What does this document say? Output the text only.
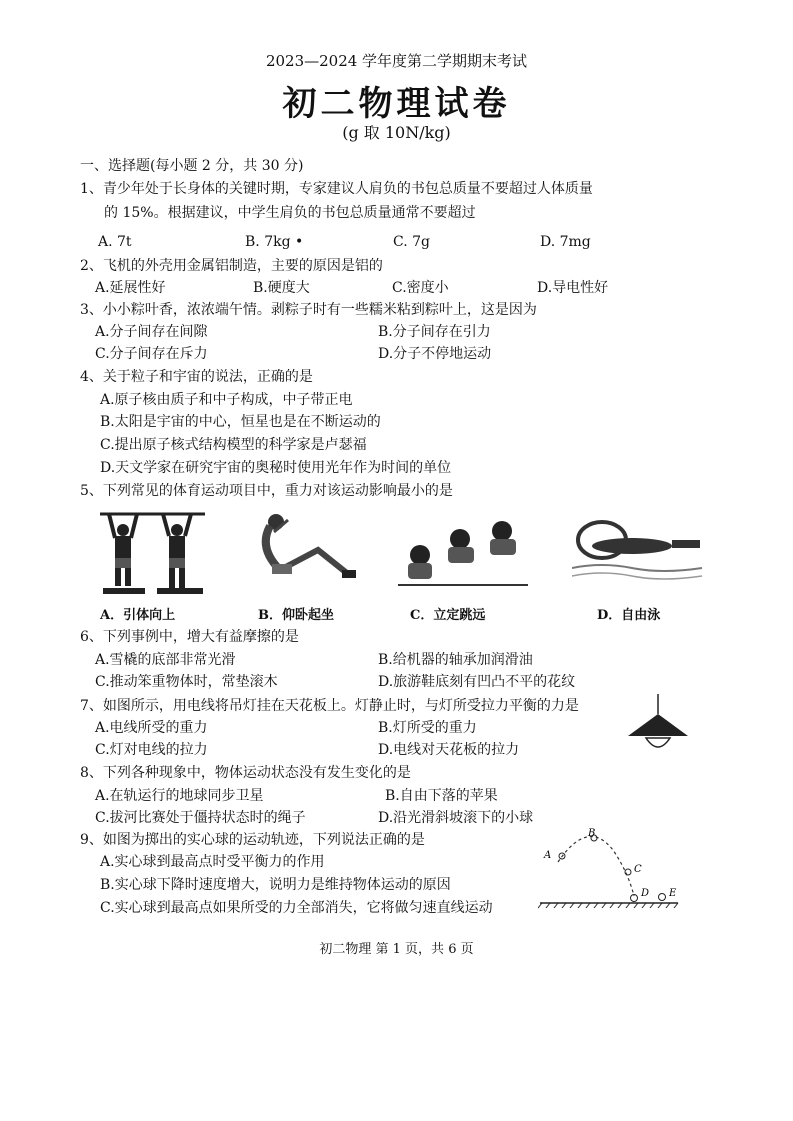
2023—2024 学年度第二学期期末考试
初二物理试卷
(g 取 10N/kg)
一、选择题(每小题 2 分，共 30 分)
1、青少年处于长身体的关键时期，专家建议人肩负的书包总质量不要超过人体质量
的 15%。根据建议，中学生肩负的书包总质量通常不要超过
A. 7t	B. 7kg •	C. 7g	D. 7mg
2、飞机的外壳用金属铝制造，主要的原因是铝的
A.延展性好	B.硬度大	C.密度小	D.导电性好
3、小小粽叶香，浓浓端午情。剥粽子时有一些糯米粘到粽叶上，这是因为
A.分子间存在间隙	B.分子间存在引力
C.分子间存在斥力	D.分子不停地运动
4、关于粒子和宇宙的说法，正确的是
A.原子核由质子和中子构成，中子带正电
B.太阳是宇宙的中心，恒星也是在不断运动的
C.提出原子核式结构模型的科学家是卢瑟福
D.天文学家在研究宇宙的奥秘时使用光年作为时间的单位
5、下列常见的体育运动项目中，重力对该运动影响最小的是
A．引体向上	B．仰卧起坐	C．立定跳远	D．自由泳
6、下列事例中，增大有益摩擦的是
A.雪橇的底部非常光滑	B.给机器的轴承加润滑油
C.推动笨重物体时，常垫滚木	D.旅游鞋底刻有凹凸不平的花纹
7、如图所示，用电线将吊灯挂在天花板上。灯静止时，与灯所受拉力平衡的力是
A.电线所受的重力	B.灯所受的重力
C.灯对电线的拉力	D.电线对天花板的拉力
8、下列各种现象中，物体运动状态没有发生变化的是
A.在轨运行的地球同步卫星	B.自由下落的苹果
C.拔河比赛处于僵持状态时的绳子	D.沿光滑斜坡滚下的小球
9、如图为掷出的实心球的运动轨迹，下列说法正确的是
A.实心球到最高点时受平衡力的作用
B.实心球下降时速度增大，说明力是维持物体运动的原因
C.实心球到最高点如果所受的力全部消失，它将做匀速直线运动
A
B
C
D E
初二物理 第 1 页，共 6 页
